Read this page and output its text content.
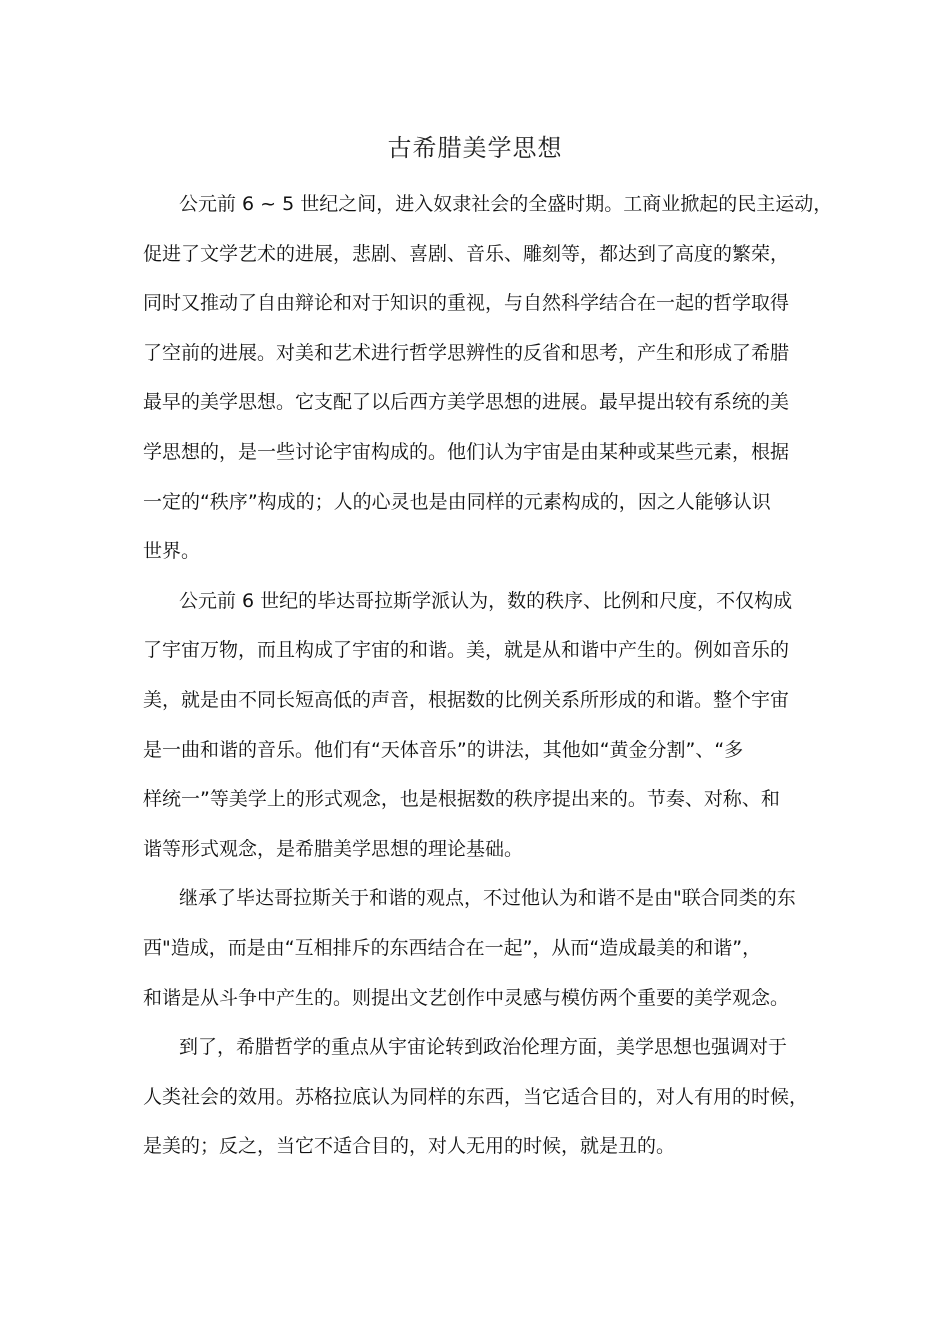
古希腊美学思想
公元前 6 ~ 5 世纪之间，进入奴隶社会的全盛时期。工商业掀起的民主运动，
促进了文学艺术的进展，悲剧、喜剧、音乐、雕刻等，都达到了高度的繁荣，
同时又推动了自由辩论和对于知识的重视，与自然科学结合在一起的哲学取得
了空前的进展。对美和艺术进行哲学思辨性的反省和思考，产生和形成了希腊
最早的美学思想。它支配了以后西方美学思想的进展。最早提出较有系统的美
学思想的，是一些讨论宇宙构成的。他们认为宇宙是由某种或某些元素，根据
一定的“秩序”构成的；人的心灵也是由同样的元素构成的，因之人能够认识
世界。
公元前 6 世纪的毕达哥拉斯学派认为，数的秩序、比例和尺度，不仅构成
了宇宙万物，而且构成了宇宙的和谐。美，就是从和谐中产生的。例如音乐的
美，就是由不同长短高低的声音，根据数的比例关系所形成的和谐。整个宇宙
是一曲和谐的音乐。他们有“天体音乐”的讲法，其他如“黄金分割”、“多
样统一”等美学上的形式观念，也是根据数的秩序提出来的。节奏、对称、和
谐等形式观念，是希腊美学思想的理论基础。
继承了毕达哥拉斯关于和谐的观点，不过他认为和谐不是由"联合同类的东
西"造成，而是由“互相排斥的东西结合在一起”，从而“造成最美的和谐”，
和谐是从斗争中产生的。则提出文艺创作中灵感与模仿两个重要的美学观念。
到了，希腊哲学的重点从宇宙论转到政治伦理方面，美学思想也强调对于
人类社会的效用。苏格拉底认为同样的东西，当它适合目的，对人有用的时候，
是美的；反之，当它不适合目的，对人无用的时候，就是丑的。
